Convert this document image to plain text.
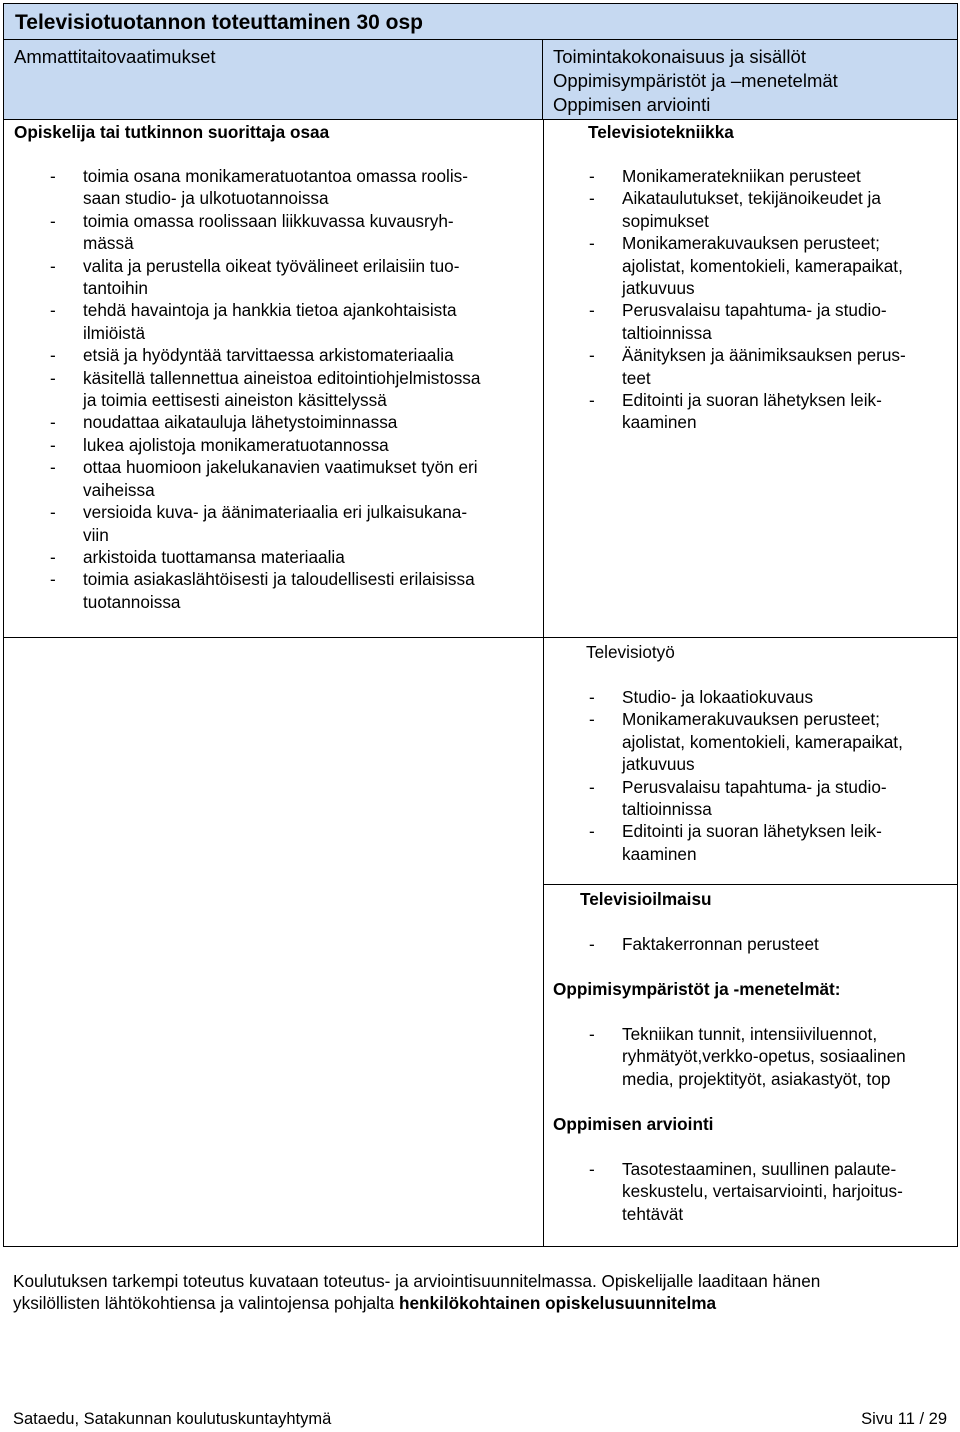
Televisiotuotannon toteuttaminen 30 osp
Ammattitaitovaatimukset	Toimintakokonaisuus ja sisällöt
Oppimisympäristöt ja –menetelmät
Oppimisen arviointi
Opiskelija tai tutkinnon suorittaja osaa
- toimia osana monikameratuotantoa omassa roolis-
saan studio- ja ulkotuotannoissa
- toimia omassa roolissaan liikkuvassa kuvausryh-
mässä
- valita ja perustella oikeat työvälineet erilaisiin tuo-
tantoihin
- tehdä havaintoja ja hankkia tietoa ajankohtaisista
ilmiöistä
- etsiä ja hyödyntää tarvittaessa arkistomateriaalia
- käsitellä tallennettua aineistoa editointiohjelmistossa
ja toimia eettisesti aineiston käsittelyssä
- noudattaa aikatauluja lähetystoiminnassa
- lukea ajolistoja monikameratuotannossa
- ottaa huomioon jakelukanavien vaatimukset työn eri
vaiheissa
- versioida kuva- ja äänimateriaalia eri julkaisukana-
viin
- arkistoida tuottamansa materiaalia
- toimia asiakaslähtöisesti ja taloudellisesti erilaisissa
tuotannoissa
Televisiotekniikka
- Monikameratekniikan perusteet
- Aikataulutukset, tekijänoikeudet ja
sopimukset
- Monikamerakuvauksen perusteet;
ajolistat, komentokieli, kamerapaikat,
jatkuvuus
- Perusvalaisu tapahtuma- ja studio-
taltioinnissa
- Äänityksen ja äänimiksauksen perus-
teet
- Editointi ja suoran lähetyksen leik-
kaaminen
Televisiotyö
- Studio- ja lokaatiokuvaus
- Monikamerakuvauksen perusteet;
ajolistat, komentokieli, kamerapaikat,
jatkuvuus
- Perusvalaisu tapahtuma- ja studio-
taltioinnissa
- Editointi ja suoran lähetyksen leik-
kaaminen
Televisioilmaisu
- Faktakerronnan perusteet
Oppimisympäristöt ja -menetelmät:
- Tekniikan tunnit, intensiiviluennot,
ryhmätyöt,verkko-opetus, sosiaalinen
media, projektityöt, asiakastyöt, top
Oppimisen arviointi
- Tasotestaaminen, suullinen palaute-
keskustelu, vertaisarviointi, harjoitus-
tehtävät
Koulutuksen tarkempi toteutus kuvataan toteutus- ja arviointisuunnitelmassa. Opiskelijalle laaditaan hänen
yksilöllisten lähtökohtiensa ja valintojensa pohjalta henkilökohtainen opiskelusuunnitelma
Sataedu, Satakunnan koulutuskuntayhtymä	Sivu 11 / 29
